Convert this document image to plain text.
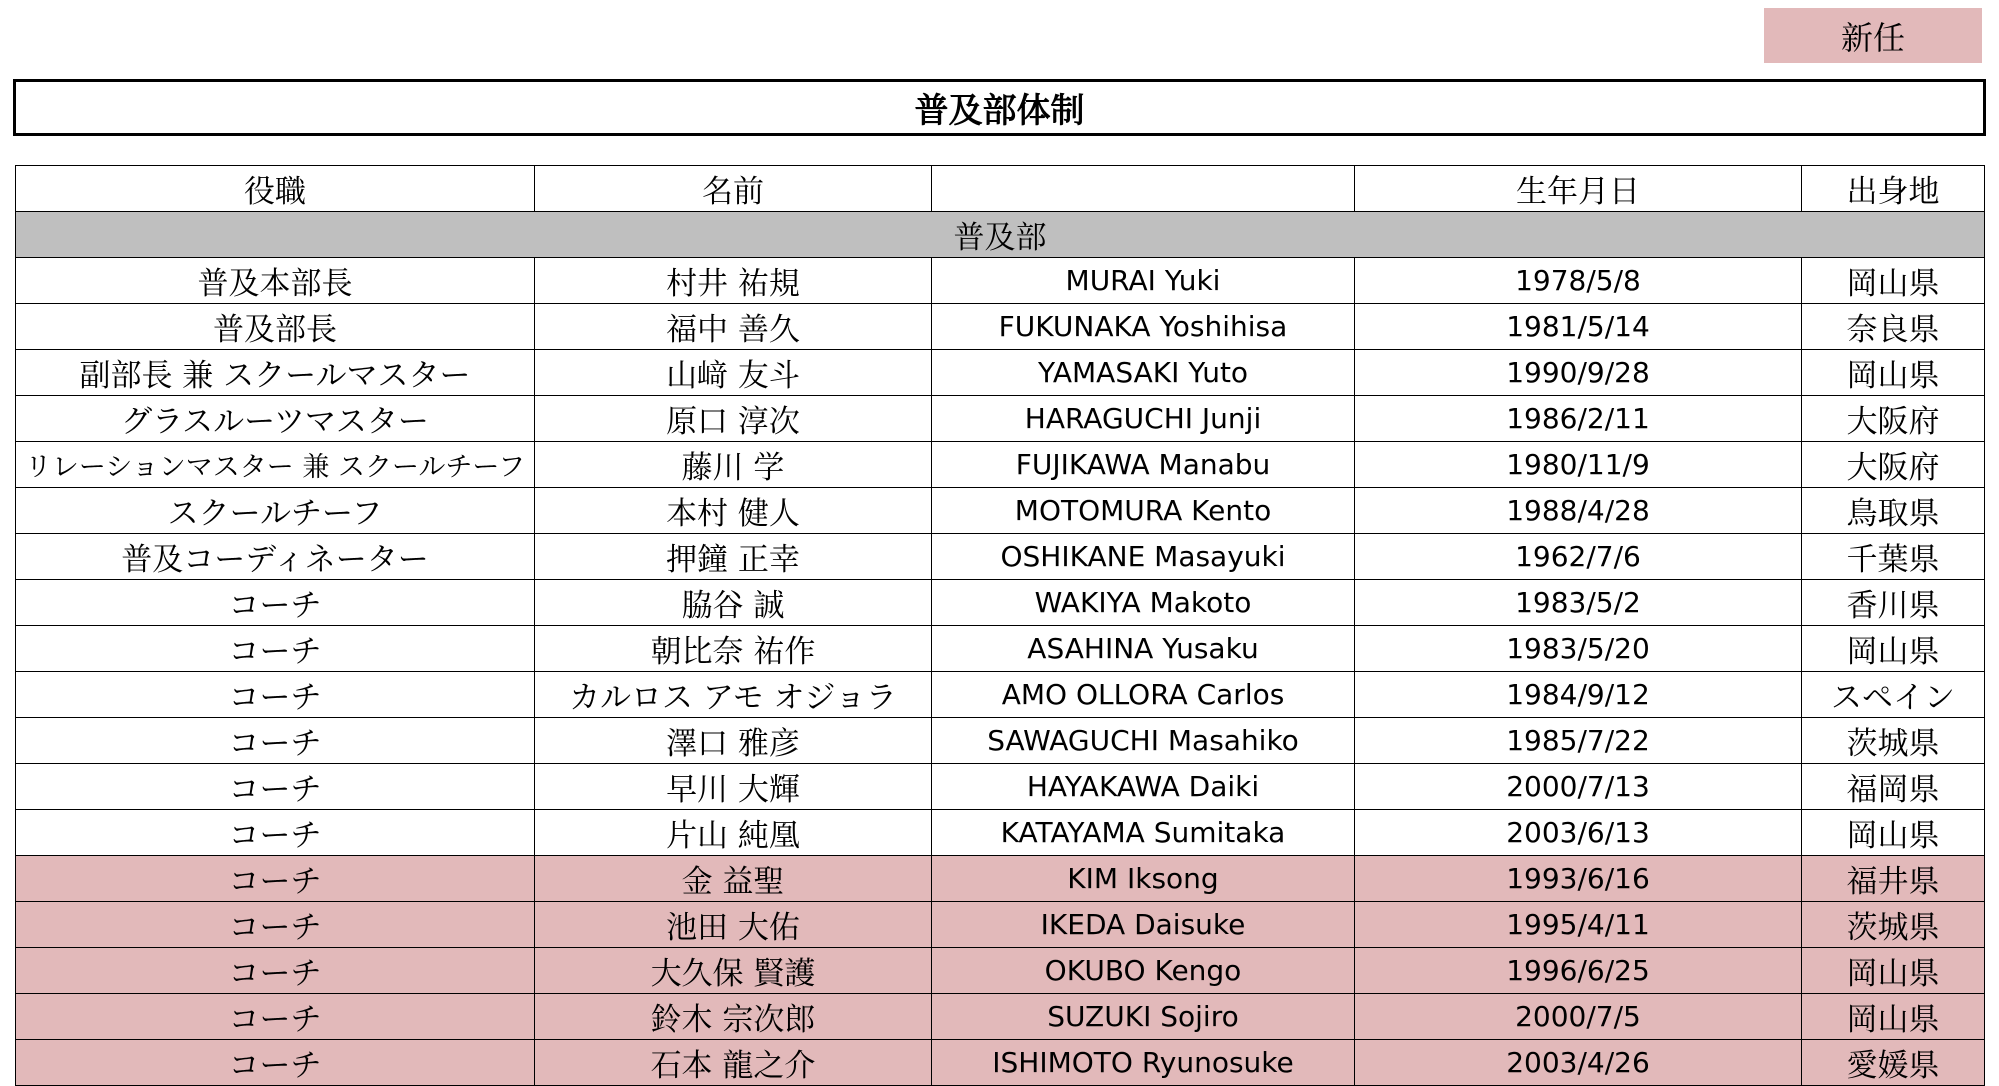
新任
普及部体制
役職	名前		生年月日	出身地
普及部				
普及本部長	村井 祐規	MURAI Yuki	1978/5/8	岡山県
普及部長	福中 善久	FUKUNAKA Yoshihisa	1981/5/14	奈良県
副部長 兼 スクールマスター	山﨑 友斗	YAMASAKI Yuto	1990/9/28	岡山県
グラスルーツマスター	原口 淳次	HARAGUCHI Junji	1986/2/11	大阪府
リレーションマスター 兼 スクールチーフ	藤川 学	FUJIKAWA Manabu	1980/11/9	大阪府
スクールチーフ	本村 健人	MOTOMURA Kento	1988/4/28	鳥取県
普及コーディネーター	押鐘 正幸	OSHIKANE Masayuki	1962/7/6	千葉県
コーチ	脇谷 誠	WAKIYA Makoto	1983/5/2	香川県
コーチ	朝比奈 祐作	ASAHINA Yusaku	1983/5/20	岡山県
コーチ	カルロス アモ オジョラ	AMO OLLORA Carlos	1984/9/12	スペイン
コーチ	澤口 雅彦	SAWAGUCHI Masahiko	1985/7/22	茨城県
コーチ	早川 大輝	HAYAKAWA Daiki	2000/7/13	福岡県
コーチ	片山 純凰	KATAYAMA Sumitaka	2003/6/13	岡山県
コーチ	金 益聖	KIM Iksong	1993/6/16	福井県
コーチ	池田 大佑	IKEDA Daisuke	1995/4/11	茨城県
コーチ	大久保 賢護	OKUBO Kengo	1996/6/25	岡山県
コーチ	鈴木 宗次郎	SUZUKI Sojiro	2000/7/5	岡山県
コーチ	石本 龍之介	ISHIMOTO Ryunosuke	2003/4/26	愛媛県
